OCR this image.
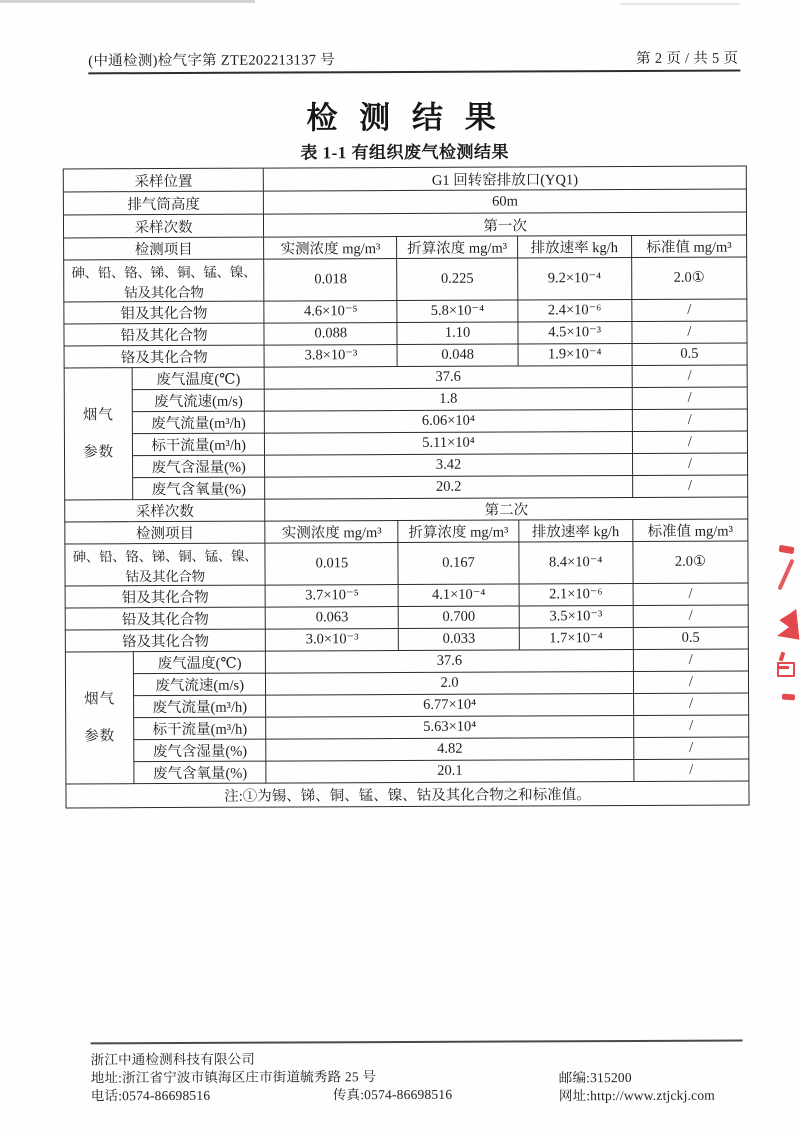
(中通检测)检气字第 ZTE202213137 号	第 2 页 / 共 5 页
检 测 结 果
表 1-1 有组织废气检测结果
采样位置		G1 回转窑排放口(YQ1)			
排气筒高度		60m			
采样次数		第一次			
检测项目		实测浓度 mg/m³	折算浓度 mg/m³	排放速率 kg/h	标准值 mg/m³
砷、铅、铬、锑、铜、锰、镍、
钴及其化合物		0.018	0.225	9.2×10⁻⁴	2.0①
钼及其化合物		4.6×10⁻⁵	5.8×10⁻⁴	2.4×10⁻⁶	/
铅及其化合物		0.088	1.10	4.5×10⁻³	/
铬及其化合物		3.8×10⁻³	0.048	1.9×10⁻⁴	0.5
烟气
参数	废气温度(℃)	37.6			/
	废气流速(m/s)	1.8			/
	废气流量(m³/h)	6.06×10⁴			/
	标干流量(m³/h)	5.11×10⁴			/
	废气含湿量(%)	3.42			/
	废气含氧量(%)	20.2			/
采样次数		第二次			
检测项目		实测浓度 mg/m³	折算浓度 mg/m³	排放速率 kg/h	标准值 mg/m³
砷、铅、铬、锑、铜、锰、镍、
钴及其化合物		0.015	0.167	8.4×10⁻⁴	2.0①
钼及其化合物		3.7×10⁻⁵	4.1×10⁻⁴	2.1×10⁻⁶	/
铅及其化合物		0.063	0.700	3.5×10⁻³	/
铬及其化合物		3.0×10⁻³	0.033	1.7×10⁻⁴	0.5
烟气
参数	废气温度(℃)	37.6			/
	废气流速(m/s)	2.0			/
	废气流量(m³/h)	6.77×10⁴			/
	标干流量(m³/h)	5.63×10⁴			/
	废气含湿量(%)	4.82			/
	废气含氧量(%)	20.1			/
注:①为锡、锑、铜、锰、镍、钴及其化合物之和标准值。					
浙江中通检测科技有限公司
地址:浙江省宁波市镇海区庄市街道毓秀路 25 号	邮编:315200
电话:0574-86698516	传真:0574-86698516	网址:http://www.ztjckj.com
